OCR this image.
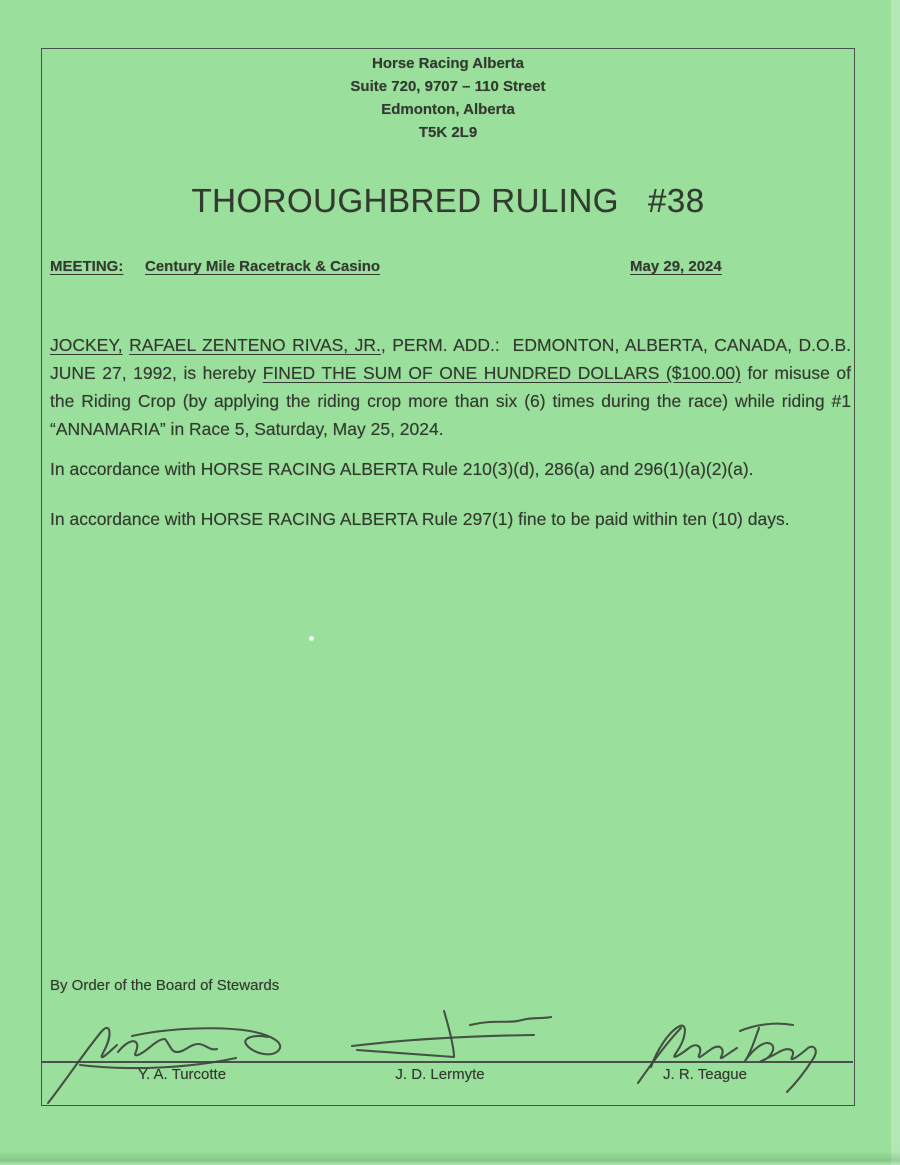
Horse Racing Alberta
Suite 720, 9707 – 110 Street
Edmonton, Alberta
T5K 2L9
THOROUGHBRED RULING   #38
MEETING: Century Mile Racetrack & Casino	May 29, 2024
JOCKEY, RAFAEL ZENTENO RIVAS, JR., PERM. ADD.:  EDMONTON, ALBERTA, CANADA, D.O.B. JUNE 27, 1992, is hereby FINED THE SUM OF ONE HUNDRED DOLLARS ($100.00) for misuse of the Riding Crop (by applying the riding crop more than six (6) times during the race) while riding #1 “ANNAMARIA” in Race 5, Saturday, May 25, 2024.
In accordance with HORSE RACING ALBERTA Rule 210(3)(d), 286(a) and 296(1)(a)(2)(a).
In accordance with HORSE RACING ALBERTA Rule 297(1) fine to be paid within ten (10) days.
By Order of the Board of Stewards
Y. A. Turcotte	J. D. Lermyte	J. R. Teague
